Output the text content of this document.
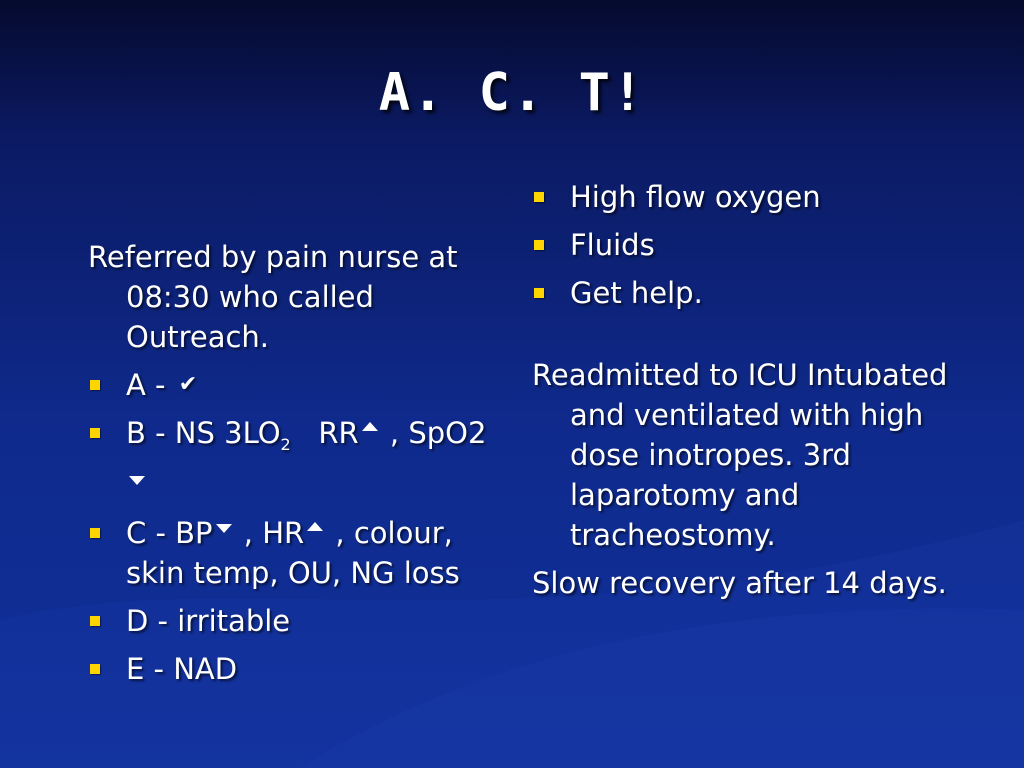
A. C. T!
Referred by pain nurse at 08:30 who called Outreach.
A - ✔
B - NS $3LO_2$   RR , SpO2
C - BP , HR , colour, skin temp, OU, NG loss
D - irritable
E - NAD
High flow oxygen
Fluids
Get help.
Readmitted to ICU Intubated and ventilated with high dose inotropes. 3rd laparotomy and tracheostomy.
Slow recovery after 14 days.
